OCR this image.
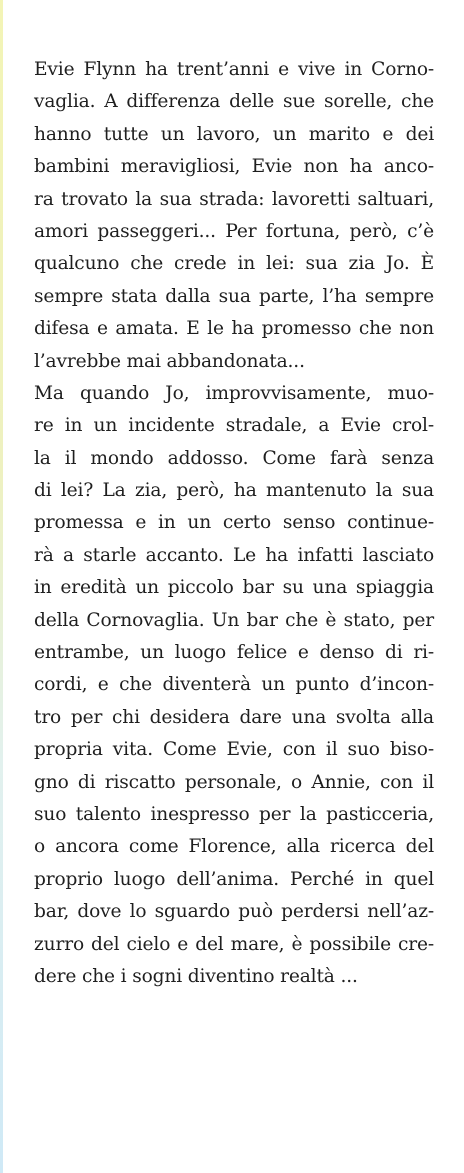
Evie Flynn ha trent’anni e vive in Corno-
vaglia. A differenza delle sue sorelle, che
hanno tutte un lavoro, un marito e dei
bambini meravigliosi, Evie non ha anco-
ra trovato la sua strada: lavoretti saltuari,
amori passeggeri... Per fortuna, però, c’è
qualcuno che crede in lei: sua zia Jo. È
sempre stata dalla sua parte, l’ha sempre
difesa e amata. E le ha promesso che non
l’avrebbe mai abbandonata...
Ma quando Jo, improvvisamente, muo-
re in un incidente stradale, a Evie crol-
la il mondo addosso. Come farà senza
di lei? La zia, però, ha mantenuto la sua
promessa e in un certo senso continue-
rà a starle accanto. Le ha infatti lasciato
in eredità un piccolo bar su una spiaggia
della Cornovaglia. Un bar che è stato, per
entrambe, un luogo felice e denso di ri-
cordi, e che diventerà un punto d’incon-
tro per chi desidera dare una svolta alla
propria vita. Come Evie, con il suo biso-
gno di riscatto personale, o Annie, con il
suo talento inespresso per la pasticceria,
o ancora come Florence, alla ricerca del
proprio luogo dell’anima. Perché in quel
bar, dove lo sguardo può perdersi nell’az-
zurro del cielo e del mare, è possibile cre-
dere che i sogni diventino realtà ...
